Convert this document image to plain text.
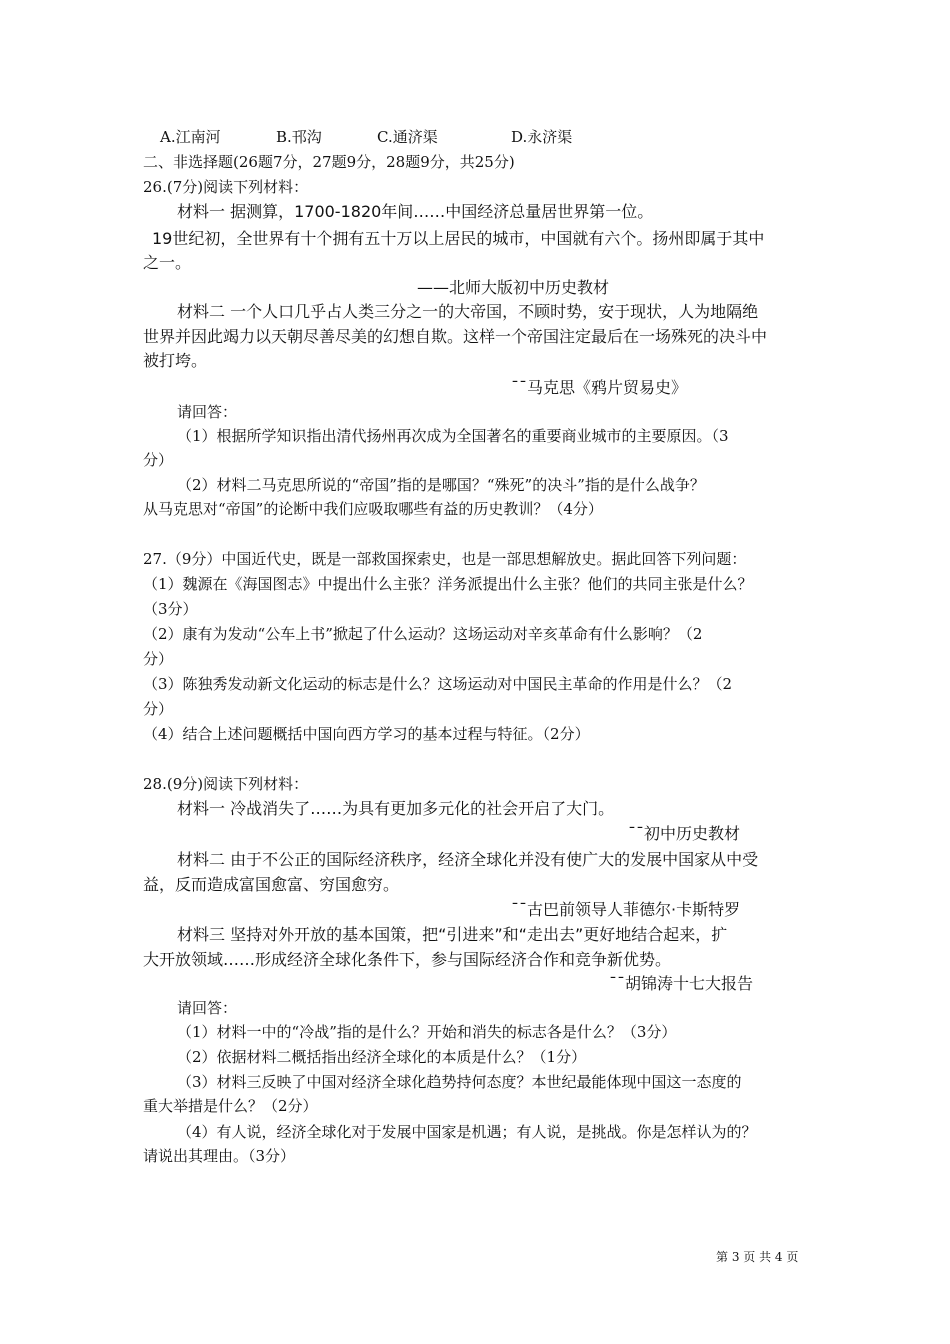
A.江南河	B.邗沟	C.通济渠	D.永济渠
二、非选择题(26题7分，27题9分，28题9分，共25分)
26.(7分)阅读下列材料：
材料一 据测算，1700-1820年间……中国经济总量居世界第一位。
19世纪初，全世界有十个拥有五十万以上居民的城市，中国就有六个。扬州即属于其中
之一。
——北师大版初中历史教材
材料二 一个人口几乎占人类三分之一的大帝国，不顾时势，安于现状，人为地隔绝
世界并因此竭力以天朝尽善尽美的幻想自欺。这样一个帝国注定最后在一场殊死的决斗中
被打垮。
¯¯马克思《鸦片贸易史》
请回答：
（1）根据所学知识指出清代扬州再次成为全国著名的重要商业城市的主要原因。（3
分）
（2）材料二马克思所说的“帝国”指的是哪国？“殊死”的决斗”指的是什么战争？
从马克思对“帝国”的论断中我们应吸取哪些有益的历史教训？（4分）
27.（9分）中国近代史，既是一部救国探索史，也是一部思想解放史。据此回答下列问题：
（1）魏源在《海国图志》中提出什么主张？洋务派提出什么主张？他们的共同主张是什么？
（3分）
（2）康有为发动“公车上书”掀起了什么运动？这场运动对辛亥革命有什么影响？（2
分）
（3）陈独秀发动新文化运动的标志是什么？这场运动对中国民主革命的作用是什么？（2
分）
（4）结合上述问题概括中国向西方学习的基本过程与特征。（2分）
28.(9分)阅读下列材料：
材料一 冷战消失了……为具有更加多元化的社会开启了大门。
¯¯初中历史教材
材料二 由于不公正的国际经济秩序，经济全球化并没有使广大的发展中国家从中受
益，反而造成富国愈富、穷国愈穷。
¯¯古巴前领导人菲德尔·卡斯特罗
材料三 坚持对外开放的基本国策，把“引进来”和“走出去”更好地结合起来，扩
大开放领域……形成经济全球化条件下，参与国际经济合作和竞争新优势。
¯¯胡锦涛十七大报告
请回答：
（1）材料一中的“冷战”指的是什么？开始和消失的标志各是什么？（3分）
（2）依据材料二概括指出经济全球化的本质是什么？（1分）
（3）材料三反映了中国对经济全球化趋势持何态度？本世纪最能体现中国这一态度的
重大举措是什么？（2分）
（4）有人说，经济全球化对于发展中国家是机遇；有人说，是挑战。你是怎样认为的？
请说出其理由。（3分）
第 3 页 共 4 页
